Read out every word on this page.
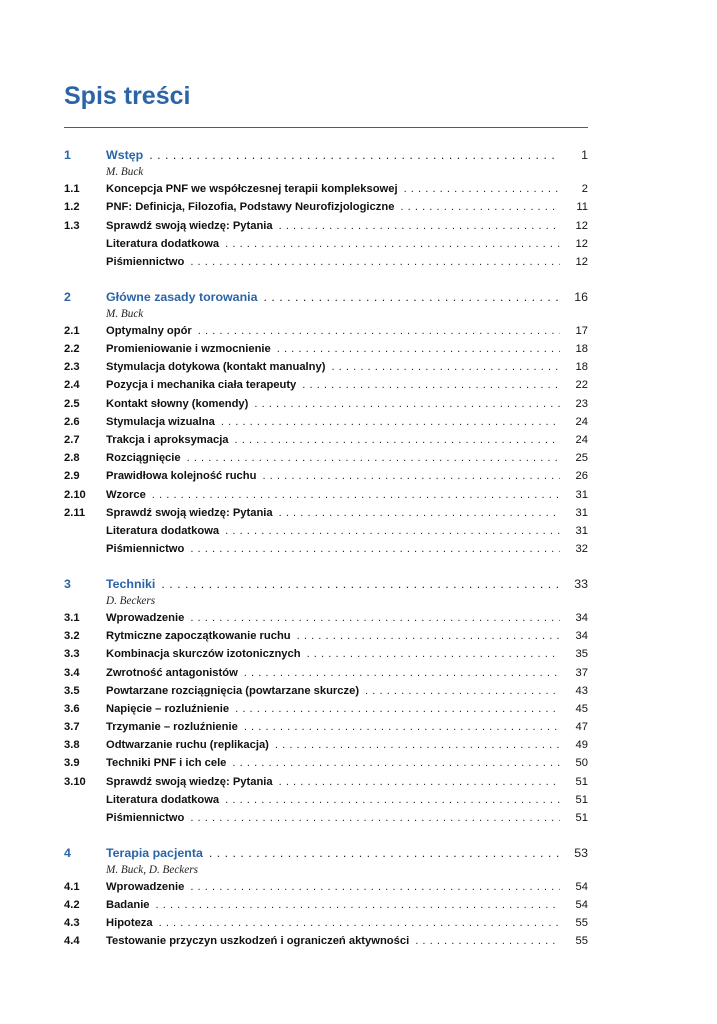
Spis treści
1	Wstęp . . .	1
M. Buck
1.1 Koncepcja PNF we współczesnej terapii kompleksowej . . .	2
1.2 PNF: Definicja, Filozofia, Podstawy Neurofizjologiczne . . .	11
1.3 Sprawdź swoją wiedzę: Pytania . . .	12
Literatura dodatkowa . . .	12
Piśmiennictwo . . .	12
2	Główne zasady torowania . . .	16
M. Buck
2.1 Optymalny opór . . .	17
2.2 Promieniowanie i wzmocnienie . . .	18
2.3 Stymulacja dotykowa (kontakt manualny) . . .	18
2.4 Pozycja i mechanika ciała terapeuty . . .	22
2.5 Kontakt słowny (komendy) . . .	23
2.6 Stymulacja wizualna . . .	24
2.7 Trakcja i aproksymacja . . .	24
2.8 Rozciągnięcie . . .	25
2.9 Prawidłowa kolejność ruchu . . .	26
2.10 Wzorce . . .	31
2.11 Sprawdź swoją wiedzę: Pytania . . .	31
Literatura dodatkowa . . .	31
Piśmiennictwo . . .	32
3	Techniki . . .	33
D. Beckers
3.1 Wprowadzenie . . .	34
3.2 Rytmiczne zapoczątkowanie ruchu . . .	34
3.3 Kombinacja skurczów izotonicznych . . .	35
3.4 Zwrotność antagonistów . . .	37
3.5 Powtarzane rozciągnięcia (powtarzane skurcze) . . .	43
3.6 Napięcie – rozluźnienie . . .	45
3.7 Trzymanie – rozluźnienie . . .	47
3.8 Odtwarzanie ruchu (replikacja) . . .	49
3.9 Techniki PNF i ich cele . . .	50
3.10 Sprawdź swoją wiedzę: Pytania . . .	51
Literatura dodatkowa . . .	51
Piśmiennictwo . . .	51
4	Terapia pacjenta . . .	53
M. Buck, D. Beckers
4.1 Wprowadzenie . . .	54
4.2 Badanie . . .	54
4.3 Hipoteza . . .	55
4.4 Testowanie przyczyn uszkodzeń i ograniczeń aktywności . . .	55
